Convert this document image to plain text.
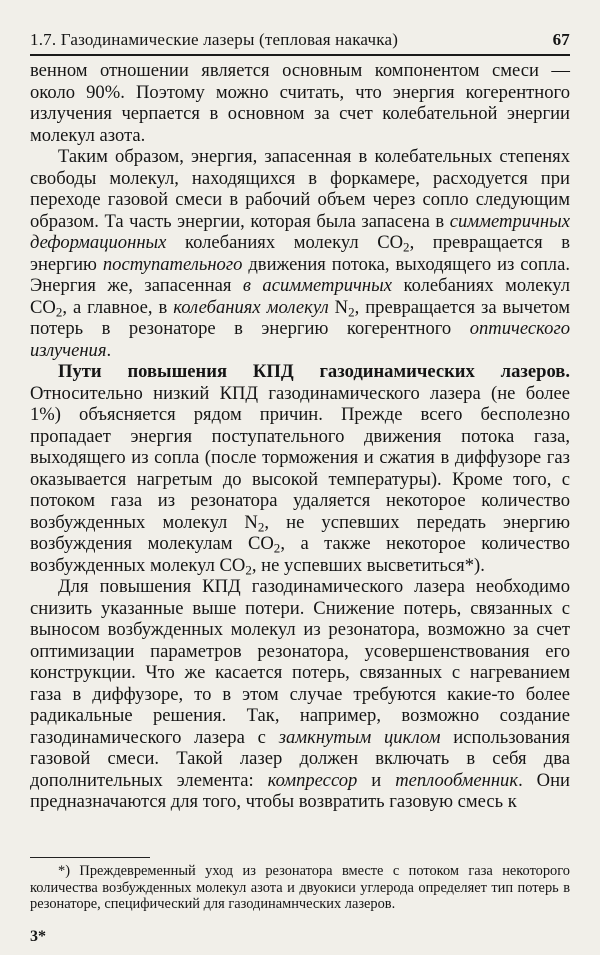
1.7. Газодинамические лазеры (тепловая накачка)	67

венном отношении является основным компонентом смеси — около 90%. Поэтому можно считать, что энергия когерентного излучения черпается в основном за счет колебательной энергии молекул азота.

Таким образом, энергия, запасенная в колебательных степенях свободы молекул, находящихся в форкамере, расходуется при переходе газовой смеси в рабочий объем через сопло следующим образом. Та часть энергии, которая была запасена в симметричных деформационных колебаниях молекул $CO_2$, превращается в энергию поступательного движения потока, выходящего из сопла. Энергия же, запасенная в асимметричных колебаниях молекул $CO_2$, а главное, в колебаниях молекул $N_2$, превращается за вычетом потерь в резонаторе в энергию когерентного оптического излучения.

Пути повышения КПД газодинамических лазеров. Относительно низкий КПД газодинамического лазера (не более 1%) объясняется рядом причин. Прежде всего бесполезно пропадает энергия поступательного движения потока газа, выходящего из сопла (после торможения и сжатия в диффузоре газ оказывается нагретым до высокой температуры). Кроме того, с потоком газа из резонатора удаляется некоторое количество возбужденных молекул $N_2$, не успевших передать энергию возбуждения молекулам $CO_2$, а также некоторое количество возбужденных молекул $CO_2$, не успевших высветиться*).

Для повышения КПД газодинамического лазера необходимо снизить указанные выше потери. Снижение потерь, связанных с выносом возбужденных молекул из резонатора, возможно за счет оптимизации параметров резонатора, усовершенствования его конструкции. Что же касается потерь, связанных с нагреванием газа в диффузоре, то в этом случае требуются какие-то более радикальные решения. Так, например, возможно создание газодинамического лазера с замкнутым циклом использования газовой смеси. Такой лазер должен включать в себя два дополнительных элемента: компрессор и теплообменник. Они предназначаются для того, чтобы возвратить газовую смесь к

*) Преждевременный уход из резонатора вместе с потоком газа некоторого количества возбужденных молекул азота и двуокиси углерода определяет тип потерь в резонаторе, специфический для газодинамнческих лазеров.

3*
